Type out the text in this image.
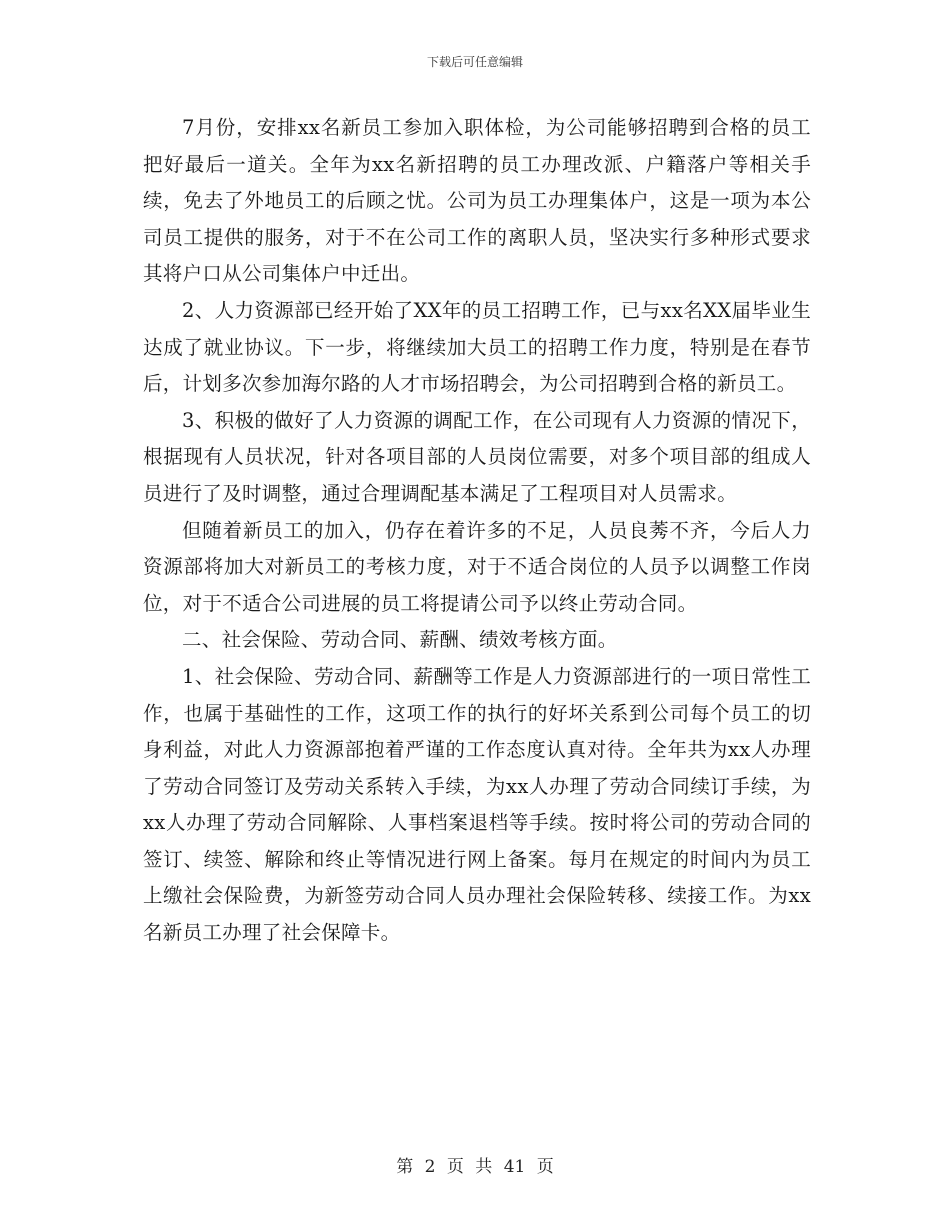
下载后可任意编辑

7月份，安排xx名新员工参加入职体检，为公司能够招聘到合格的员工把好最后一道关。全年为xx名新招聘的员工办理改派、户籍落户等相关手续，免去了外地员工的后顾之忧。公司为员工办理集体户，这是一项为本公司员工提供的服务，对于不在公司工作的离职人员，坚决实行多种形式要求其将户口从公司集体户中迁出。

2、人力资源部已经开始了XX年的员工招聘工作，已与xx名XX届毕业生达成了就业协议。下一步，将继续加大员工的招聘工作力度，特别是在春节后，计划多次参加海尔路的人才市场招聘会，为公司招聘到合格的新员工。

3、积极的做好了人力资源的调配工作，在公司现有人力资源的情况下，根据现有人员状况，针对各项目部的人员岗位需要，对多个项目部的组成人员进行了及时调整，通过合理调配基本满足了工程项目对人员需求。

但随着新员工的加入，仍存在着许多的不足，人员良莠不齐，今后人力资源部将加大对新员工的考核力度，对于不适合岗位的人员予以调整工作岗位，对于不适合公司进展的员工将提请公司予以终止劳动合同。

二、社会保险、劳动合同、薪酬、绩效考核方面。

1、社会保险、劳动合同、薪酬等工作是人力资源部进行的一项日常性工作，也属于基础性的工作，这项工作的执行的好坏关系到公司每个员工的切身利益，对此人力资源部抱着严谨的工作态度认真对待。全年共为xx人办理了劳动合同签订及劳动关系转入手续，为xx人办理了劳动合同续订手续，为xx人办理了劳动合同解除、人事档案退档等手续。按时将公司的劳动合同的签订、续签、解除和终止等情况进行网上备案。每月在规定的时间内为员工上缴社会保险费，为新签劳动合同人员办理社会保险转移、续接工作。为xx名新员工办理了社会保障卡。

第 2 页 共 41 页
